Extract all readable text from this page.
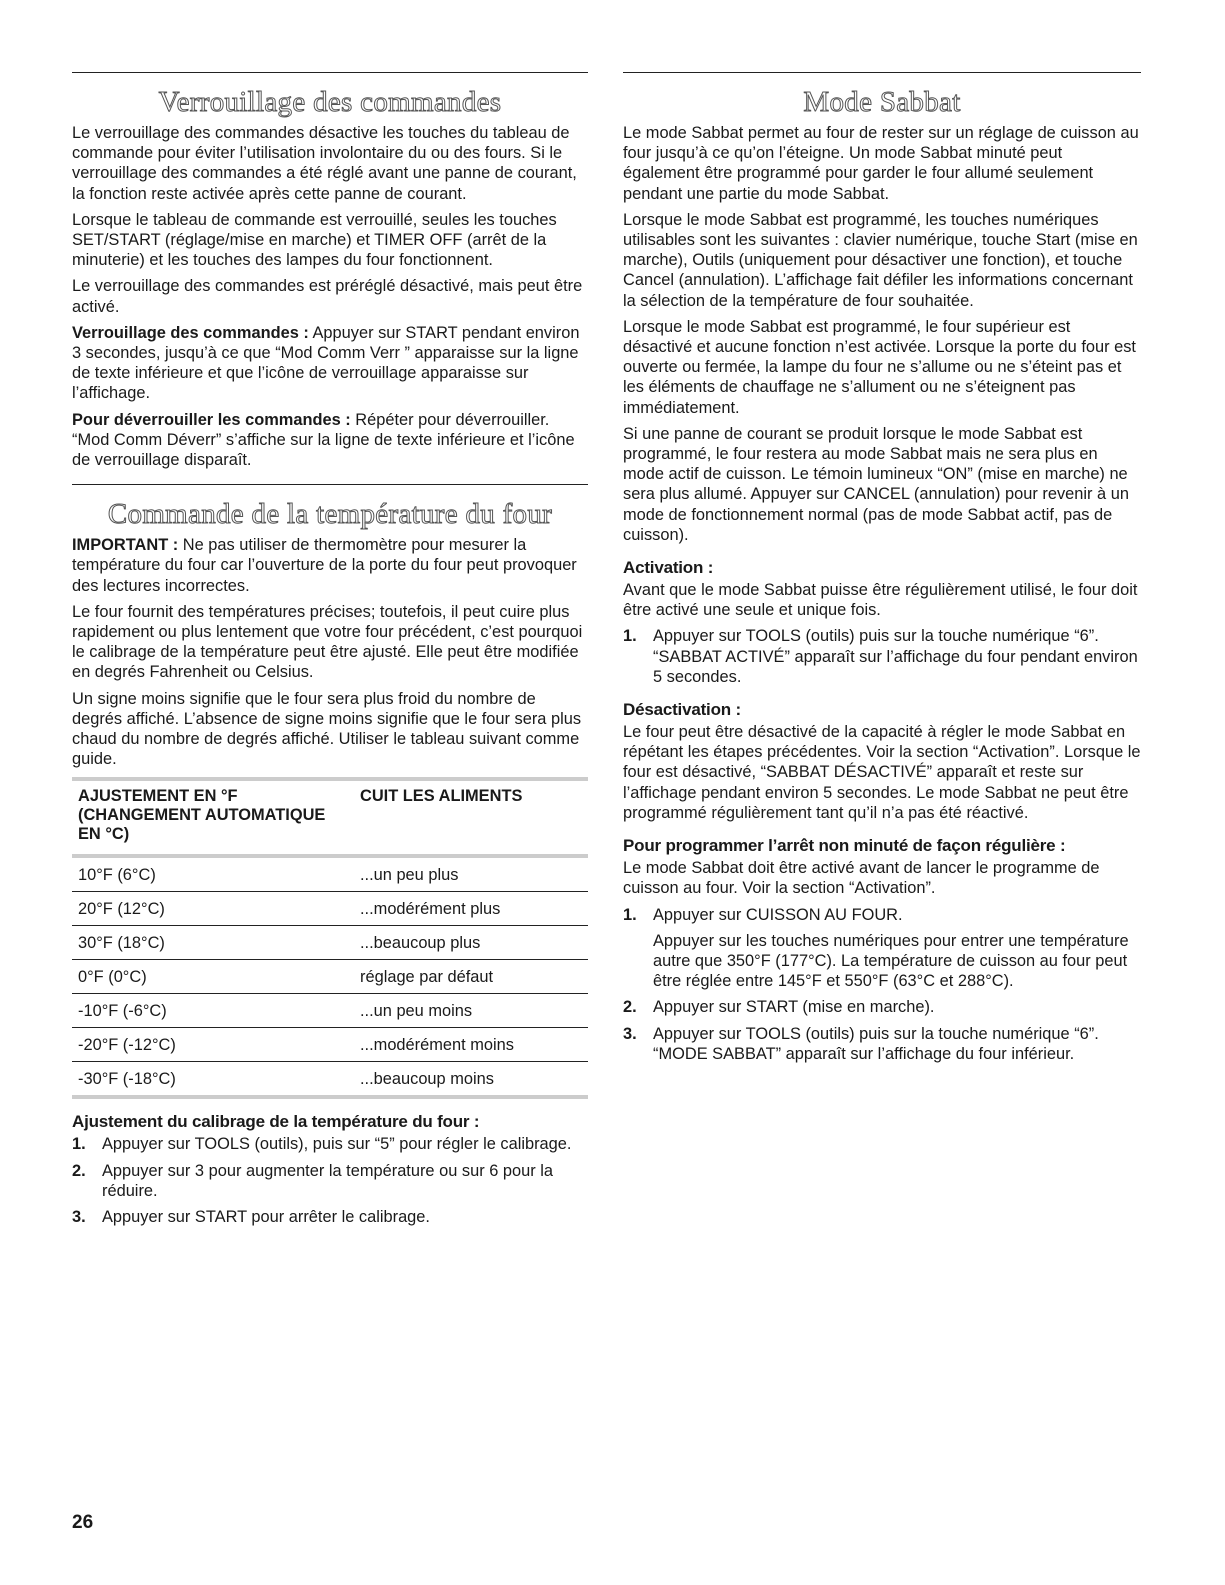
Verrouillage des commandes

Le verrouillage des commandes désactive les touches du tableau de commande pour éviter l’utilisation involontaire du ou des fours. Si le verrouillage des commandes a été réglé avant une panne de courant, la fonction reste activée après cette panne de courant.

Lorsque le tableau de commande est verrouillé, seules les touches SET/START (réglage/mise en marche) et TIMER OFF (arrêt de la minuterie) et les touches des lampes du four fonctionnent.

Le verrouillage des commandes est préréglé désactivé, mais peut être activé.

Verrouillage des commandes : Appuyer sur START pendant environ 3 secondes, jusqu’à ce que “Mod Comm Verr ” apparaisse sur la ligne de texte inférieure et que l’icône de verrouillage apparaisse sur l’affichage.

Pour déverrouiller les commandes : Répéter pour déverrouiller. “Mod Comm Déverr” s’affiche sur la ligne de texte inférieure et l’icône de verrouillage disparaît.

Commande de la température du four

IMPORTANT : Ne pas utiliser de thermomètre pour mesurer la température du four car l’ouverture de la porte du four peut provoquer des lectures incorrectes.

Le four fournit des températures précises; toutefois, il peut cuire plus rapidement ou plus lentement que votre four précédent, c’est pourquoi le calibrage de la température peut être ajusté. Elle peut être modifiée en degrés Fahrenheit ou Celsius.

Un signe moins signifie que le four sera plus froid du nombre de degrés affiché. L’absence de signe moins signifie que le four sera plus chaud du nombre de degrés affiché. Utiliser le tableau suivant comme guide.

AJUSTEMENT EN °F (CHANGEMENT AUTOMATIQUE EN °C)	CUIT LES ALIMENTS
10°F (6°C)	...un peu plus
20°F (12°C)	...modérément plus
30°F (18°C)	...beaucoup plus
0°F (0°C)	réglage par défaut
-10°F (-6°C)	...un peu moins
-20°F (-12°C)	...modérément moins
-30°F (-18°C)	...beaucoup moins
Ajustement du calibrage de la température du four :
1. Appuyer sur TOOLS (outils), puis sur “5” pour régler le calibrage.
2. Appuyer sur 3 pour augmenter la température ou sur 6 pour la réduire.
3. Appuyer sur START pour arrêter le calibrage.
Mode Sabbat

Le mode Sabbat permet au four de rester sur un réglage de cuisson au four jusqu’à ce qu’on l’éteigne. Un mode Sabbat minuté peut également être programmé pour garder le four allumé seulement pendant une partie du mode Sabbat.

Lorsque le mode Sabbat est programmé, les touches numériques utilisables sont les suivantes : clavier numérique, touche Start (mise en marche), Outils (uniquement pour désactiver une fonction), et touche Cancel (annulation). L’affichage fait défiler les informations concernant la sélection de la température de four souhaitée.

Lorsque le mode Sabbat est programmé, le four supérieur est désactivé et aucune fonction n’est activée. Lorsque la porte du four est ouverte ou fermée, la lampe du four ne s’allume ou ne s’éteint pas et les éléments de chauffage ne s’allument ou ne s’éteignent pas immédiatement.

Si une panne de courant se produit lorsque le mode Sabbat est programmé, le four restera au mode Sabbat mais ne sera plus en mode actif de cuisson. Le témoin lumineux “ON” (mise en marche) ne sera plus allumé. Appuyer sur CANCEL (annulation) pour revenir à un mode de fonctionnement normal (pas de mode Sabbat actif, pas de cuisson).

Activation :

Avant que le mode Sabbat puisse être régulièrement utilisé, le four doit être activé une seule et unique fois.

1. Appuyer sur TOOLS (outils) puis sur la touche numérique “6”. “SABBAT ACTIVÉ” apparaît sur l’affichage du four pendant environ 5 secondes.
Désactivation :

Le four peut être désactivé de la capacité à régler le mode Sabbat en répétant les étapes précédentes. Voir la section “Activation”. Lorsque le four est désactivé, “SABBAT DÉSACTIVÉ” apparaît et reste sur l’affichage pendant environ 5 secondes. Le mode Sabbat ne peut être programmé régulièrement tant qu’il n’a pas été réactivé.

Pour programmer l’arrêt non minuté de façon régulière :

Le mode Sabbat doit être activé avant de lancer le programme de cuisson au four. Voir la section “Activation”.

1. Appuyer sur CUISSON AU FOUR.
Appuyer sur les touches numériques pour entrer une température autre que 350°F (177°C). La température de cuisson au four peut être réglée entre 145°F et 550°F (63°C et 288°C).
2. Appuyer sur START (mise en marche).
3. Appuyer sur TOOLS (outils) puis sur la touche numérique “6”. “MODE SABBAT” apparaît sur l’affichage du four inférieur.
26
